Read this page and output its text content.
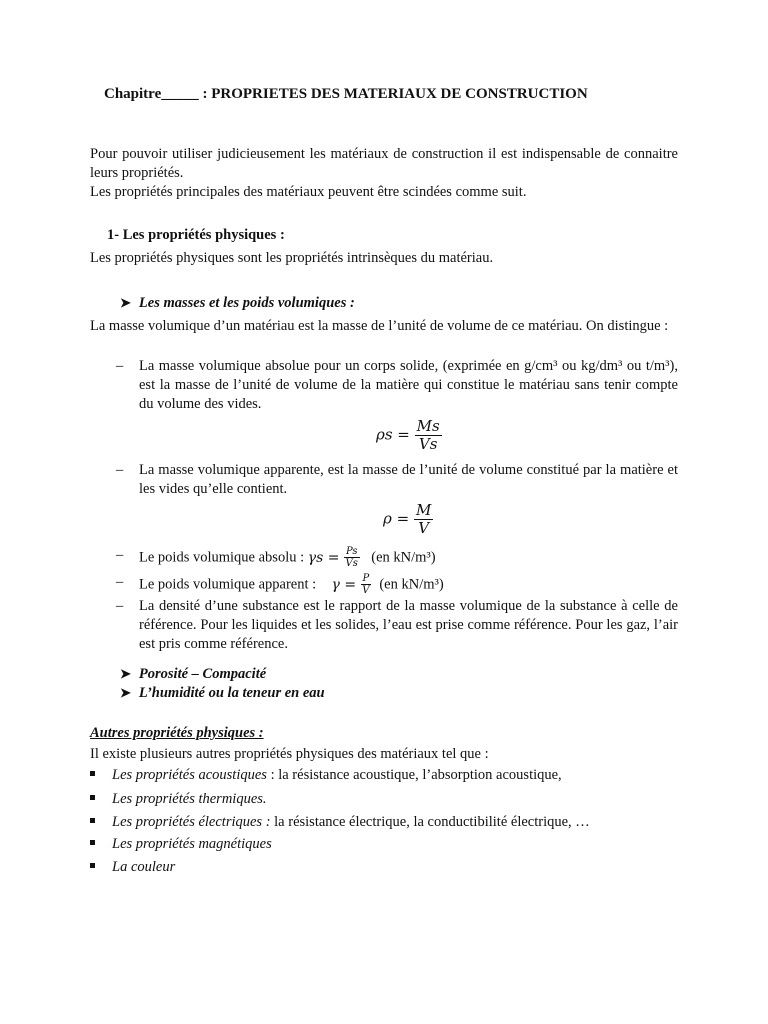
Chapitre_____ : PROPRIETES DES MATERIAUX DE CONSTRUCTION
Pour pouvoir utiliser judicieusement les matériaux de construction il est indispensable de connaitre leurs propriétés.
Les propriétés principales des matériaux peuvent être scindées comme suit.
1- Les propriétés physiques :
Les propriétés physiques sont les propriétés intrinsèques du matériau.
➤ Les masses et les poids volumiques :
La masse volumique d’un matériau est la masse de l’unité de volume de ce matériau. On distingue :
– La masse volumique absolue pour un corps solide, (exprimée en g/cm³ ou kg/dm³ ou t/m³), est la masse de l’unité de volume de la matière qui constitue le matériau sans tenir compte du volume des vides.
$\rho s = \frac{Ms}{Vs}$
– La masse volumique apparente, est la masse de l’unité de volume constitué par la matière et les vides qu’elle contient.
$\rho = \frac{M}{V}$
– Le poids volumique absolu : $\gamma s = \frac{Ps}{Vs} (en$ kN/m³)
– Le poids volumique apparent : $\gamma = \frac{P}{V} (en$ kN/m³)
– La densité d’une substance est le rapport de la masse volumique de la substance à celle de référence. Pour les liquides et les solides, l’eau est prise comme référence. Pour les gaz, l’air est pris comme référence.
➤ Porosité – Compacité
➤ L’humidité ou la teneur en eau
Autres propriétés physiques :
Il existe plusieurs autres propriétés physiques des matériaux tel que :
Les propriétés acoustiques : la résistance acoustique, l’absorption acoustique,
Les propriétés thermiques.
Les propriétés électriques : la résistance électrique, la conductibilité électrique, …
Les propriétés magnétiques
La couleur
